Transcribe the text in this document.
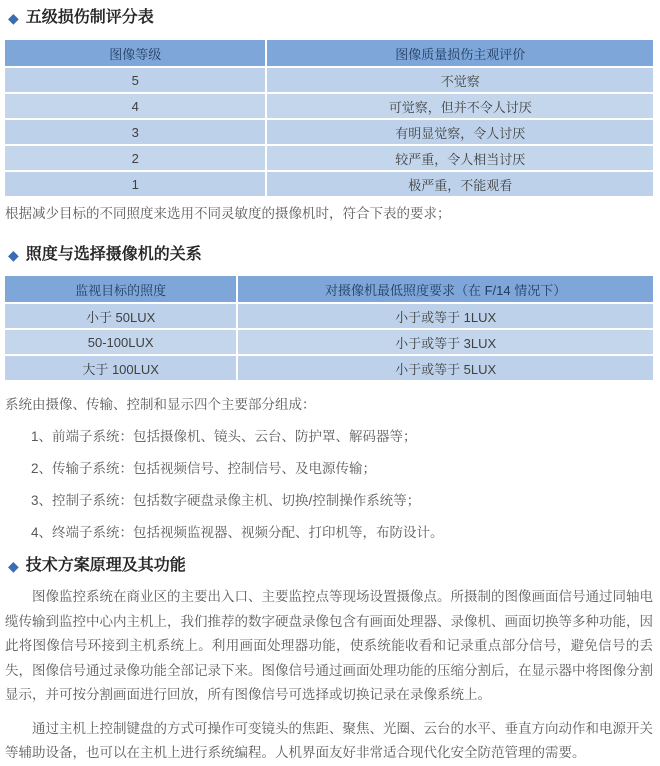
◆ 五级损伤制评分表
图像等级	图像质量损伤主观评价
5	不觉察
4	可觉察，但并不令人讨厌
3	有明显觉察，令人讨厌
2	较严重，令人相当讨厌
1	极严重，不能观看

根据减少目标的不同照度来选用不同灵敏度的摄像机时，符合下表的要求；

◆ 照度与选择摄像机的关系
监视目标的照度	对摄像机最低照度要求（在 F/14 情况下）
小于 50LUX	小于或等于 1LUX
50-100LUX	小于或等于 3LUX
大于 100LUX	小于或等于 5LUX

系统由摄像、传输、控制和显示四个主要部分组成：

1、前端子系统：包括摄像机、镜头、云台、防护罩、解码器等；

2、传输子系统：包括视频信号、控制信号、及电源传输；

3、控制子系统：包括数字硬盘录像主机、切换/控制操作系统等；

4、终端子系统：包括视频监视器、视频分配、打印机等，布防设计。

◆ 技术方案原理及其功能

图像监控系统在商业区的主要出入口、主要监控点等现场设置摄像点。所摄制的图像画面信号通过同轴电缆传输到监控中心内主机上，我们推荐的数字硬盘录像包含有画面处理器、录像机、画面切换等多种功能，因此将图像信号环接到主机系统上。利用画面处理器功能，使系统能收看和记录重点部分信号，避免信号的丢失，图像信号通过录像功能全部记录下来。图像信号通过画面处理功能的压缩分割后，在显示器中将图像分割显示，并可按分割画面进行回放，所有图像信号可选择或切换记录在录像系统上。

通过主机上控制键盘的方式可操作可变镜头的焦距、聚焦、光圈、云台的水平、垂直方向动作和电源开关等辅助设备，也可以在主机上进行系统编程。人机界面友好非常适合现代化安全防范管理的需要。
